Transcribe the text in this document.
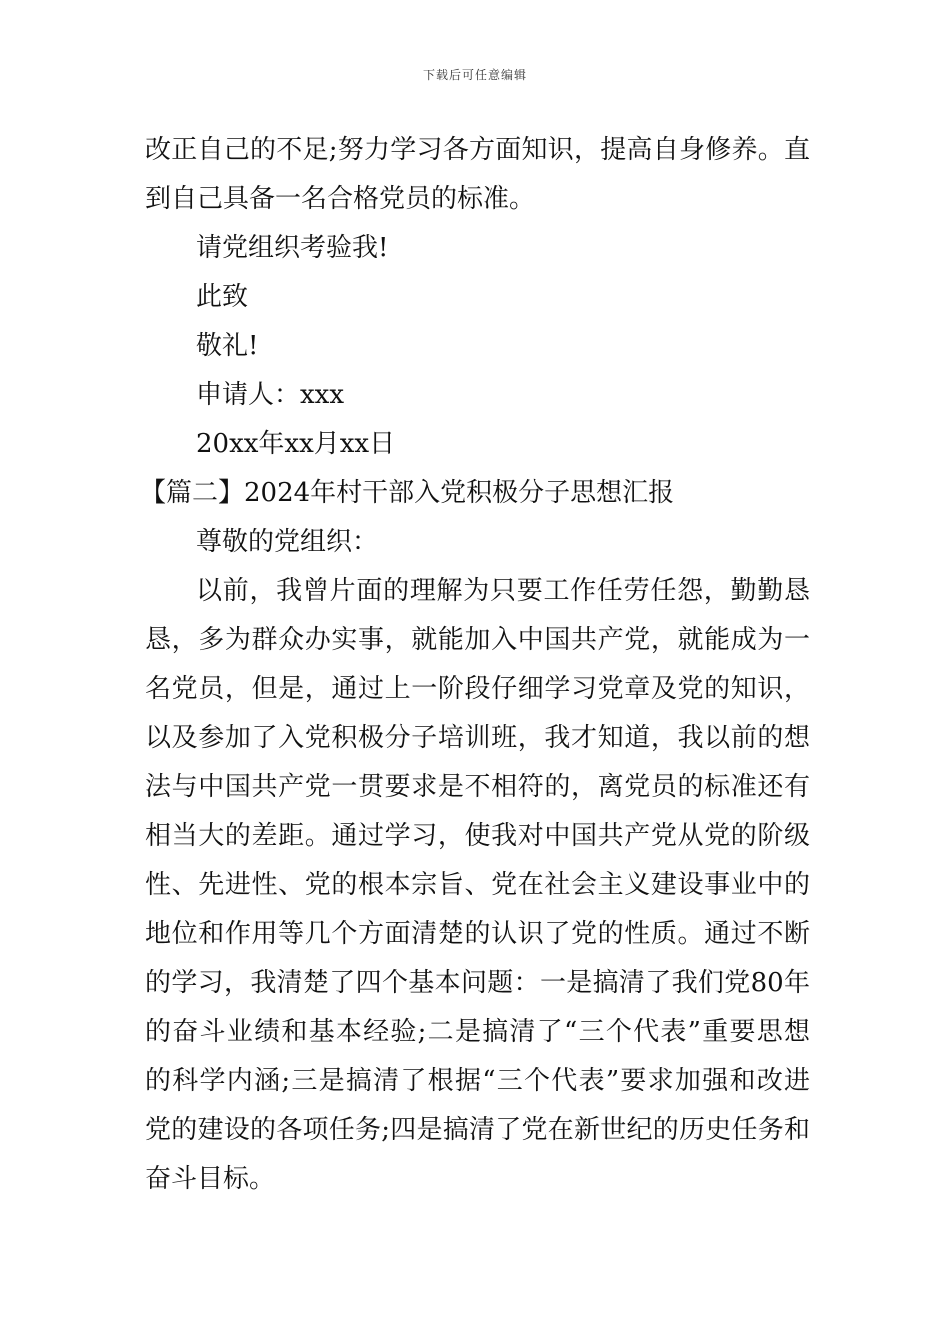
下载后可任意编辑
改正自己的不足;努力学习各方面知识，提高自身修养。直
到自己具备一名合格党员的标准。
请党组织考验我!
此致
敬礼!
申请人：xxx
20xx年xx月xx日
【篇二】2024年村干部入党积极分子思想汇报
尊敬的党组织：
以前，我曾片面的理解为只要工作任劳任怨，勤勤恳
恳，多为群众办实事，就能加入中国共产党，就能成为一
名党员，但是，通过上一阶段仔细学习党章及党的知识，
以及参加了入党积极分子培训班，我才知道，我以前的想
法与中国共产党一贯要求是不相符的，离党员的标准还有
相当大的差距。通过学习，使我对中国共产党从党的阶级
性、先进性、党的根本宗旨、党在社会主义建设事业中的
地位和作用等几个方面清楚的认识了党的性质。通过不断
的学习，我清楚了四个基本问题：一是搞清了我们党80年
的奋斗业绩和基本经验;二是搞清了“三个代表”重要思想
的科学内涵;三是搞清了根据“三个代表”要求加强和改进
党的建设的各项任务;四是搞清了党在新世纪的历史任务和
奋斗目标。
